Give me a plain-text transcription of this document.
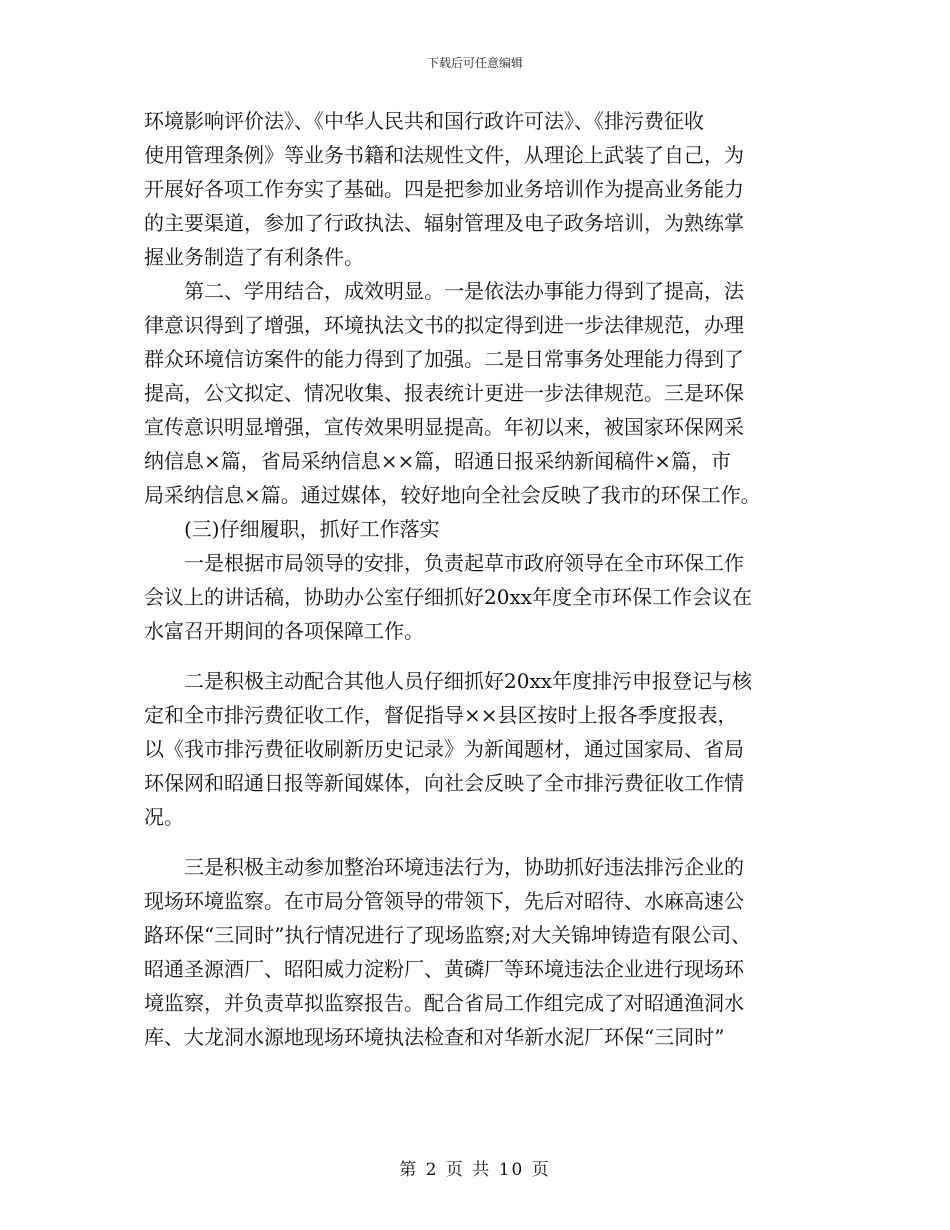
下载后可任意编辑

环境影响评价法》、《中华人民共和国行政许可法》、《排污费征收

使用管理条例》等业务书籍和法规性文件，从理论上武装了自己，为

开展好各项工作夯实了基础。四是把参加业务培训作为提高业务能力

的主要渠道，参加了行政执法、辐射管理及电子政务培训，为熟练掌

握业务制造了有利条件。

第二、学用结合，成效明显。一是依法办事能力得到了提高，法

律意识得到了增强，环境执法文书的拟定得到进一步法律规范，办理

群众环境信访案件的能力得到了加强。二是日常事务处理能力得到了

提高，公文拟定、情况收集、报表统计更进一步法律规范。三是环保

宣传意识明显增强，宣传效果明显提高。年初以来，被国家环保网采

纳信息×篇，省局采纳信息××篇，昭通日报采纳新闻稿件×篇，市

局采纳信息×篇。通过媒体，较好地向全社会反映了我市的环保工作。

(三)仔细履职，抓好工作落实

一是根据市局领导的安排，负责起草市政府领导在全市环保工作

会议上的讲话稿，协助办公室仔细抓好20xx年度全市环保工作会议在

水富召开期间的各项保障工作。

二是积极主动配合其他人员仔细抓好20xx年度排污申报登记与核

定和全市排污费征收工作，督促指导××县区按时上报各季度报表，

以《我市排污费征收刷新历史记录》为新闻题材，通过国家局、省局

环保网和昭通日报等新闻媒体，向社会反映了全市排污费征收工作情

况。

三是积极主动参加整治环境违法行为，协助抓好违法排污企业的

现场环境监察。在市局分管领导的带领下，先后对昭待、水麻高速公

路环保“三同时”执行情况进行了现场监察;对大关锦坤铸造有限公司、

昭通圣源酒厂、昭阳威力淀粉厂、黄磷厂等环境违法企业进行现场环

境监察，并负责草拟监察报告。配合省局工作组完成了对昭通渔洞水

库、大龙洞水源地现场环境执法检查和对华新水泥厂环保“三同时”

第 2 页 共 10 页
